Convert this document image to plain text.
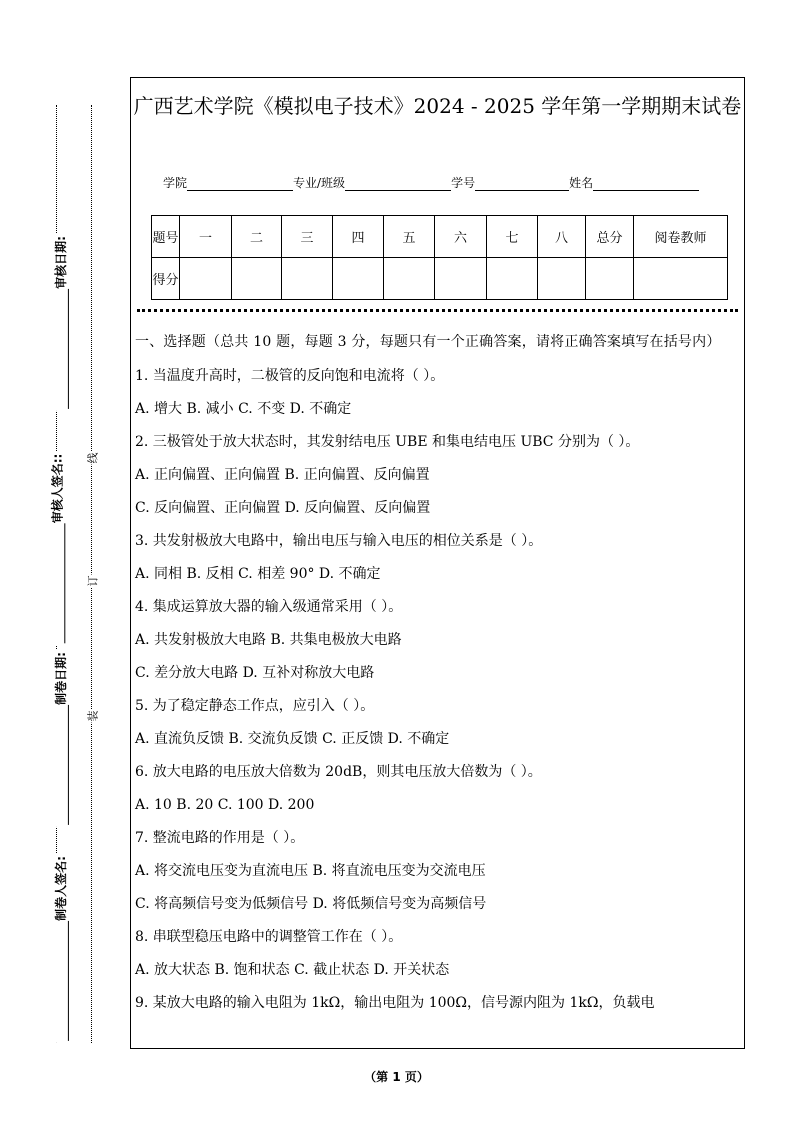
审核日期:
审核人签名::
制卷日期:
制卷人签名:
线
订
装
广西艺术学院《模拟电子技术》2024 - 2025 学年第一学期期末试卷
学院	专业/班级	学号	姓名
题号	一	二	三	四	五	六	七	八	总分	阅卷教师
得分										

一、选择题（总共 10 题，每题 3 分，每题只有一个正确答案，请将正确答案填写在括号内）

1. 当温度升高时，二极管的反向饱和电流将（ ）。

A. 增大 B. 减小 C. 不变 D. 不确定

2. 三极管处于放大状态时，其发射结电压 UBE 和集电结电压 UBC 分别为（ ）。

A. 正向偏置、正向偏置 B. 正向偏置、反向偏置

C. 反向偏置、正向偏置 D. 反向偏置、反向偏置

3. 共发射极放大电路中，输出电压与输入电压的相位关系是（ ）。

A. 同相 B. 反相 C. 相差 90° D. 不确定

4. 集成运算放大器的输入级通常采用（ ）。

A. 共发射极放大电路 B. 共集电极放大电路

C. 差分放大电路 D. 互补对称放大电路

5. 为了稳定静态工作点，应引入（ ）。

A. 直流负反馈 B. 交流负反馈 C. 正反馈 D. 不确定

6. 放大电路的电压放大倍数为 20dB，则其电压放大倍数为（ ）。

A. 10 B. 20 C. 100 D. 200

7. 整流电路的作用是（ ）。

A. 将交流电压变为直流电压 B. 将直流电压变为交流电压

C. 将高频信号变为低频信号 D. 将低频信号变为高频信号

8. 串联型稳压电路中的调整管工作在（ ）。

A. 放大状态 B. 饱和状态 C. 截止状态 D. 开关状态

9. 某放大电路的输入电阻为 1kΩ，输出电阻为 100Ω，信号源内阻为 1kΩ，负载电

（第 1 页）
